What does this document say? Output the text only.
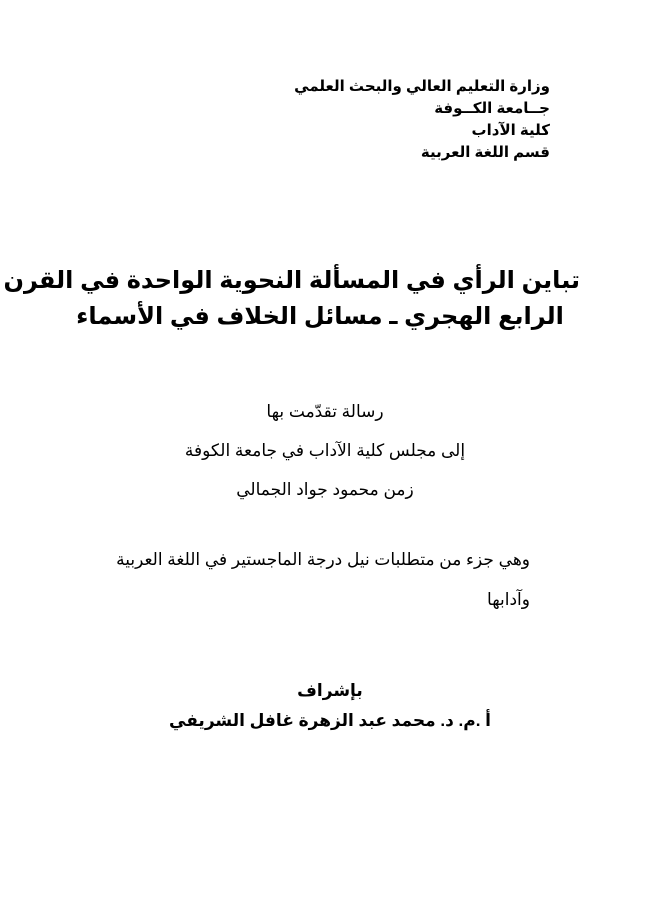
وزارة التعليم العالي والبحث العلمي
جــامعة الكــوفة
كلية الآداب
قسم اللغة العربية
تباين الرأي في المسألة النحوية الواحدة في القرن
الرابع الهجري ـ مسائل الخلاف في الأسماء
رسالة تقدّمت بها
إلى مجلس كلية الآداب في جامعة الكوفة
زمن محمود جواد الجمالي
وهي جزء من متطلبات نيل درجة الماجستير في اللغة العربية
وآدابها
بإشراف
أ .م. د. محمد عبد الزهرة غافل الشريفي
